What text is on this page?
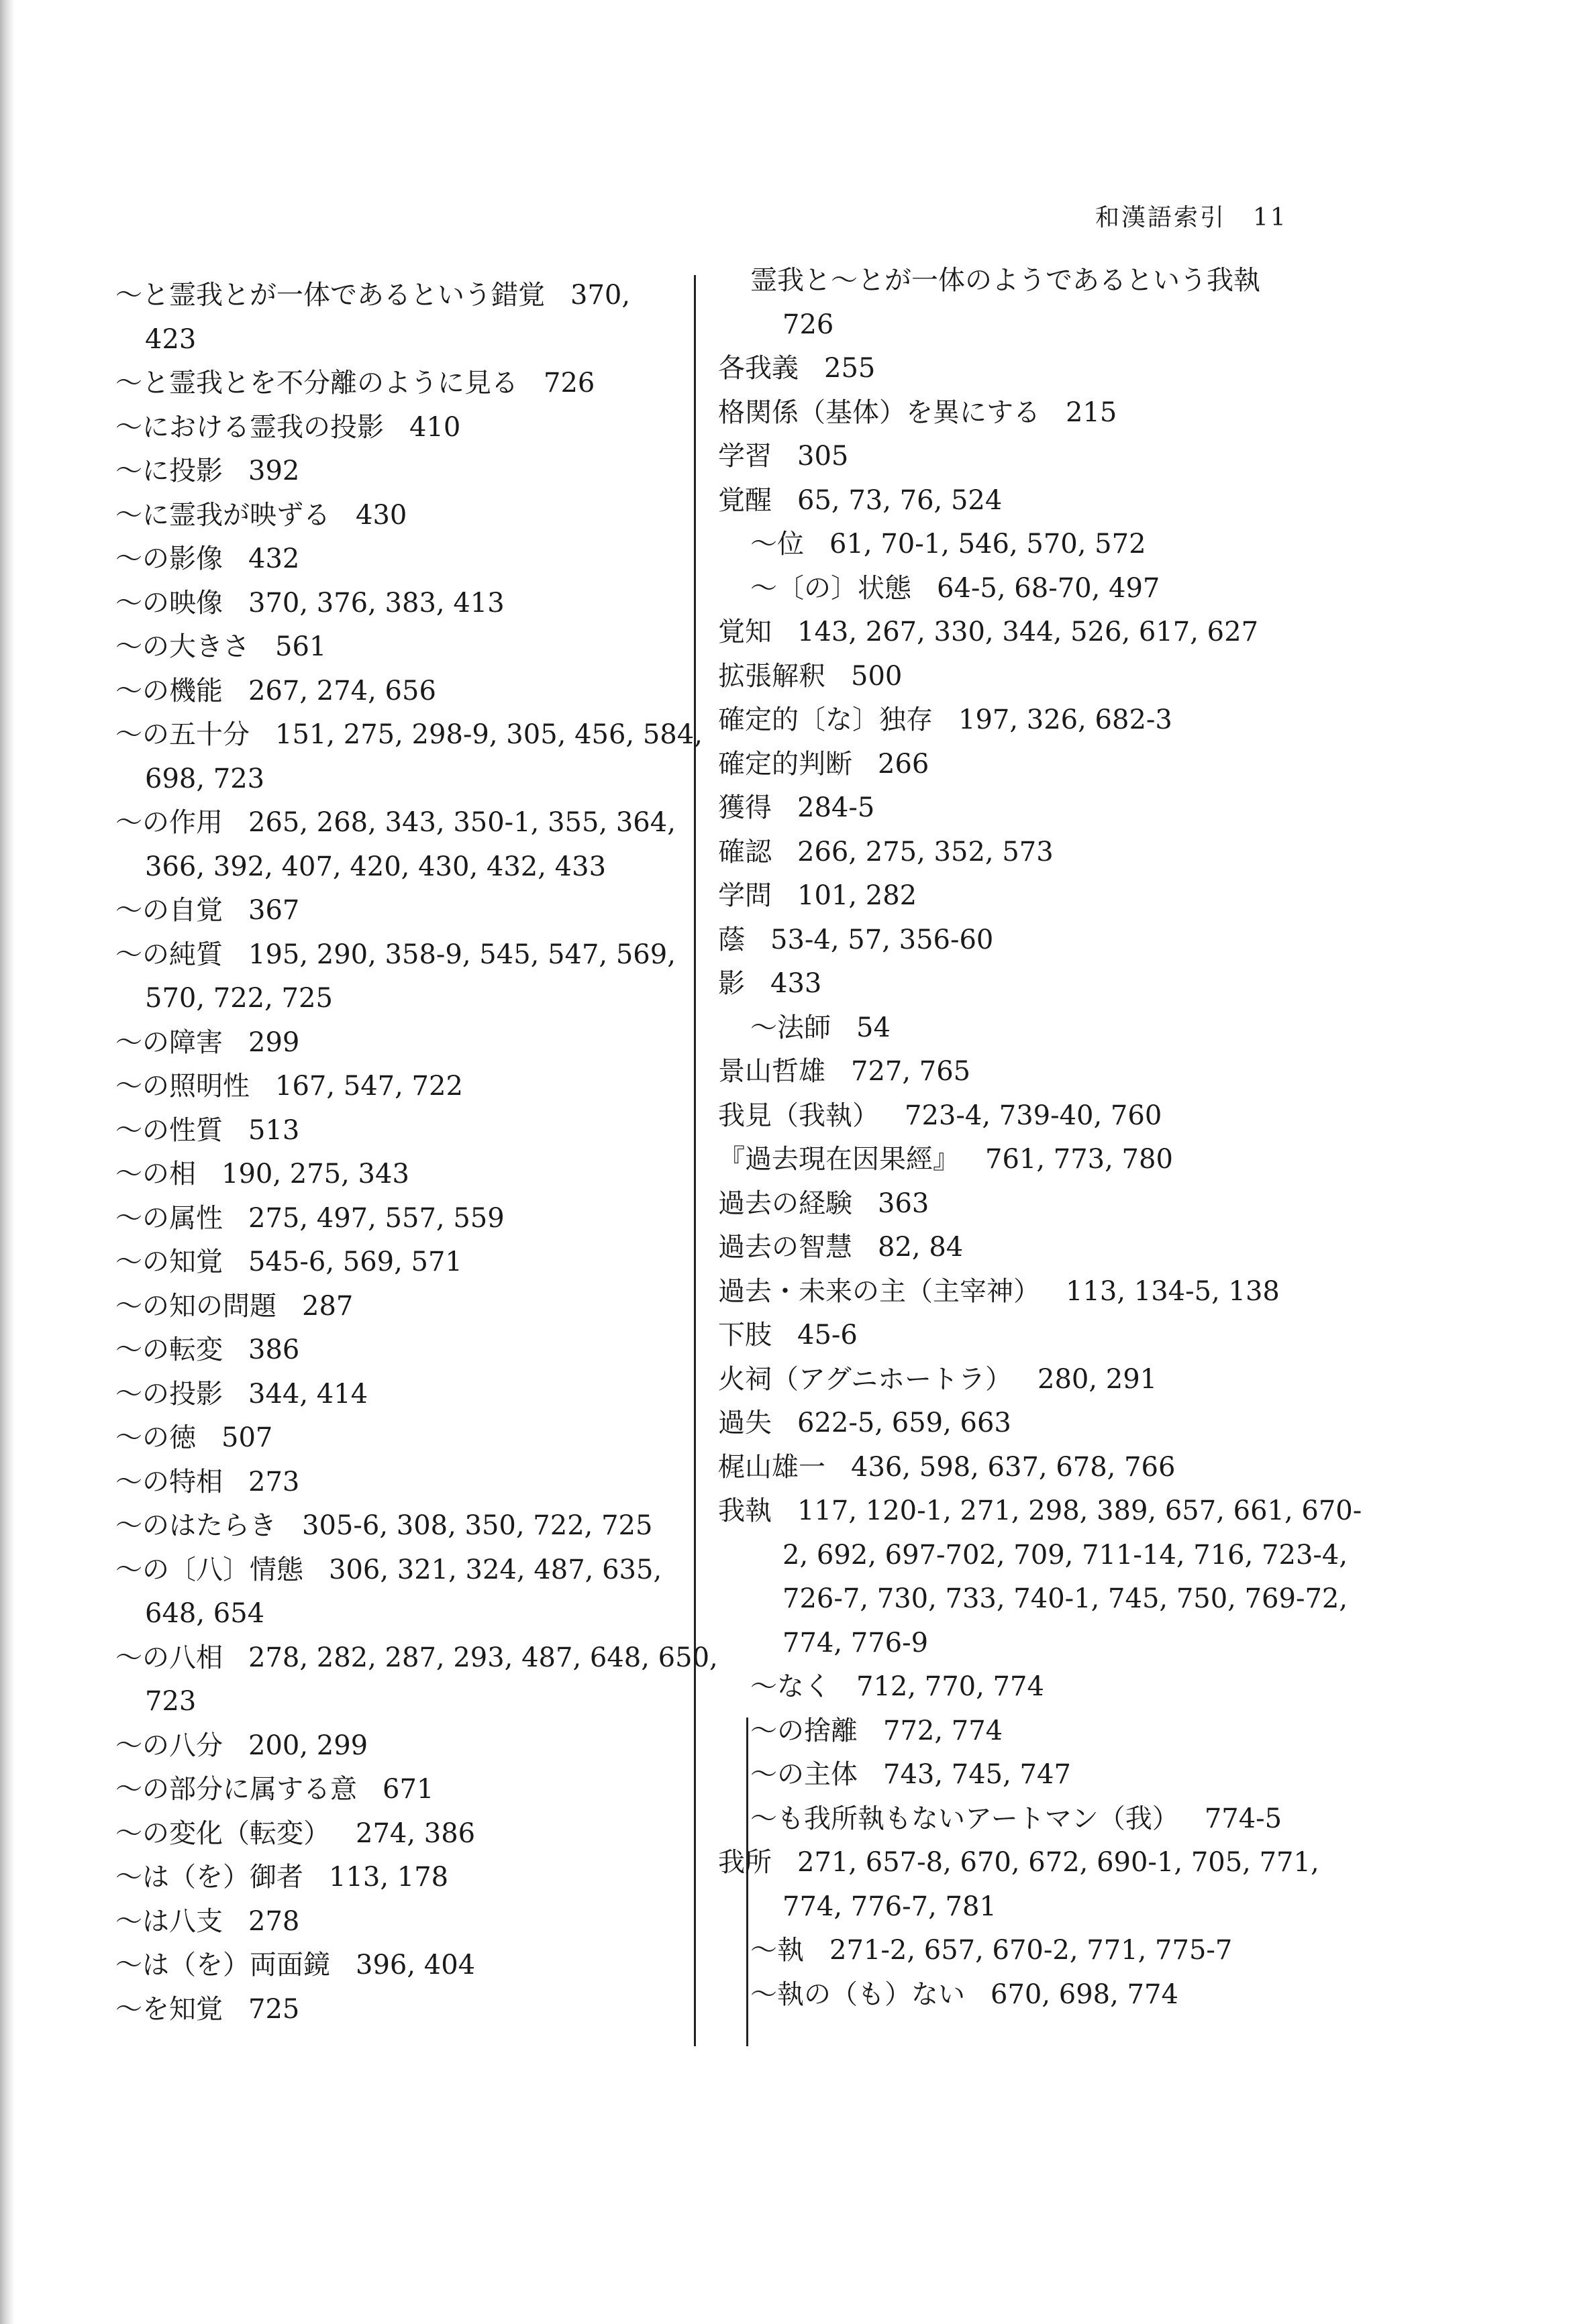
和漢語索引 11
～と霊我とが一体であるという錯覚 370,
423
～と霊我とを不分離のように見る 726
～における霊我の投影 410
～に投影 392
～に霊我が映ずる 430
～の影像 432
～の映像 370, 376, 383, 413
～の大きさ 561
～の機能 267, 274, 656
～の五十分 151, 275, 298-9, 305, 456, 584,
698, 723
～の作用 265, 268, 343, 350-1, 355, 364,
366, 392, 407, 420, 430, 432, 433
～の自覚 367
～の純質 195, 290, 358-9, 545, 547, 569,
570, 722, 725
～の障害 299
～の照明性 167, 547, 722
～の性質 513
～の相 190, 275, 343
～の属性 275, 497, 557, 559
～の知覚 545-6, 569, 571
～の知の問題 287
～の転変 386
～の投影 344, 414
～の徳 507
～の特相 273
～のはたらき 305-6, 308, 350, 722, 725
～の〔八〕情態 306, 321, 324, 487, 635,
648, 654
～の八相 278, 282, 287, 293, 487, 648, 650,
723
～の八分 200, 299
～の部分に属する意 671
～の変化（転変） 274, 386
～は（を）御者 113, 178
～は八支 278
～は（を）両面鏡 396, 404
～を知覚 725
霊我と～とが一体のようであるという我執
726
各我義 255
格関係（基体）を異にする 215
学習 305
覚醒 65, 73, 76, 524
～位 61, 70-1, 546, 570, 572
～〔の〕状態 64-5, 68-70, 497
覚知 143, 267, 330, 344, 526, 617, 627
拡張解釈 500
確定的〔な〕独存 197, 326, 682-3
確定的判断 266
獲得 284-5
確認 266, 275, 352, 573
学問 101, 282
蔭 53-4, 57, 356-60
影 433
～法師 54
景山哲雄 727, 765
我見（我執） 723-4, 739-40, 760
『過去現在因果經』 761, 773, 780
過去の経験 363
過去の智慧 82, 84
過去・未来の主（主宰神） 113, 134-5, 138
下肢 45-6
火祠（アグニホートラ） 280, 291
過失 622-5, 659, 663
梶山雄一 436, 598, 637, 678, 766
我執 117, 120-1, 271, 298, 389, 657, 661, 670-
2, 692, 697-702, 709, 711-14, 716, 723-4,
726-7, 730, 733, 740-1, 745, 750, 769-72,
774, 776-9
～なく 712, 770, 774
～の捨離 772, 774
～の主体 743, 745, 747
～も我所執もないアートマン（我） 774-5
我所 271, 657-8, 670, 672, 690-1, 705, 771,
774, 776-7, 781
～執 271-2, 657, 670-2, 771, 775-7
～執の（も）ない 670, 698, 774
